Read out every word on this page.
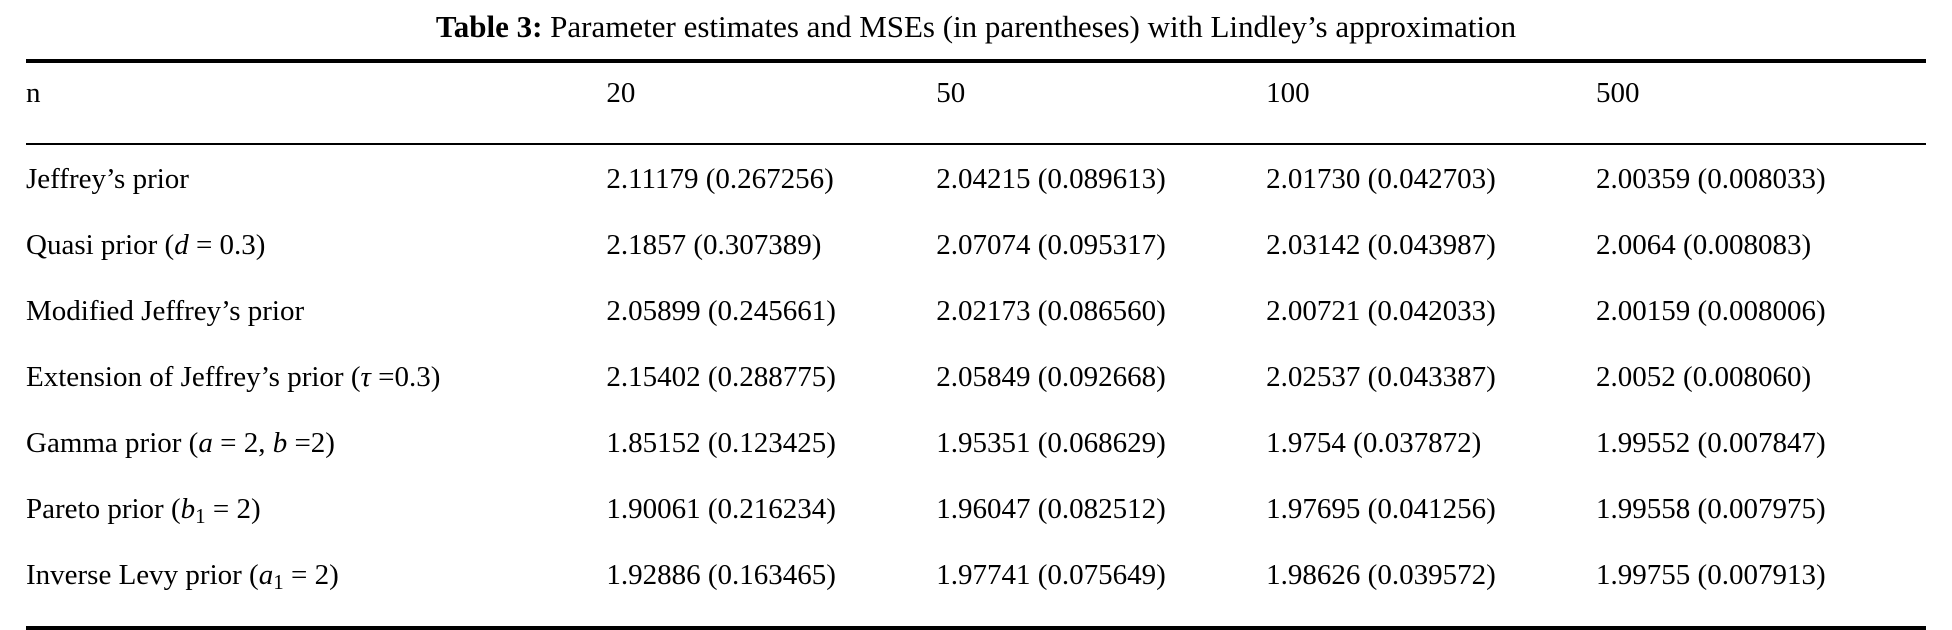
Table 3: Parameter estimates and MSEs (in parentheses) with Lindley’s approximation
n	20	50	100	500
Jeffrey’s prior	2.11179 (0.267256)	2.04215 (0.089613)	2.01730 (0.042703)	2.00359 (0.008033)
Quasi prior (d = 0.3)	2.1857 (0.307389)	2.07074 (0.095317)	2.03142 (0.043987)	2.0064 (0.008083)
Modified Jeffrey’s prior	2.05899 (0.245661)	2.02173 (0.086560)	2.00721 (0.042033)	2.00159 (0.008006)
Extension of Jeffrey’s prior (τ =0.3)	2.15402 (0.288775)	2.05849 (0.092668)	2.02537 (0.043387)	2.0052 (0.008060)
Gamma prior (a = 2, b =2)	1.85152 (0.123425)	1.95351 (0.068629)	1.9754 (0.037872)	1.99552 (0.007847)
Pareto prior $(b_1 = 2)$	1.90061 (0.216234)	1.96047 (0.082512)	1.97695 (0.041256)	1.99558 (0.007975)
Inverse Levy prior $(a_1 = 2)$	1.92886 (0.163465)	1.97741 (0.075649)	1.98626 (0.039572)	1.99755 (0.007913)
